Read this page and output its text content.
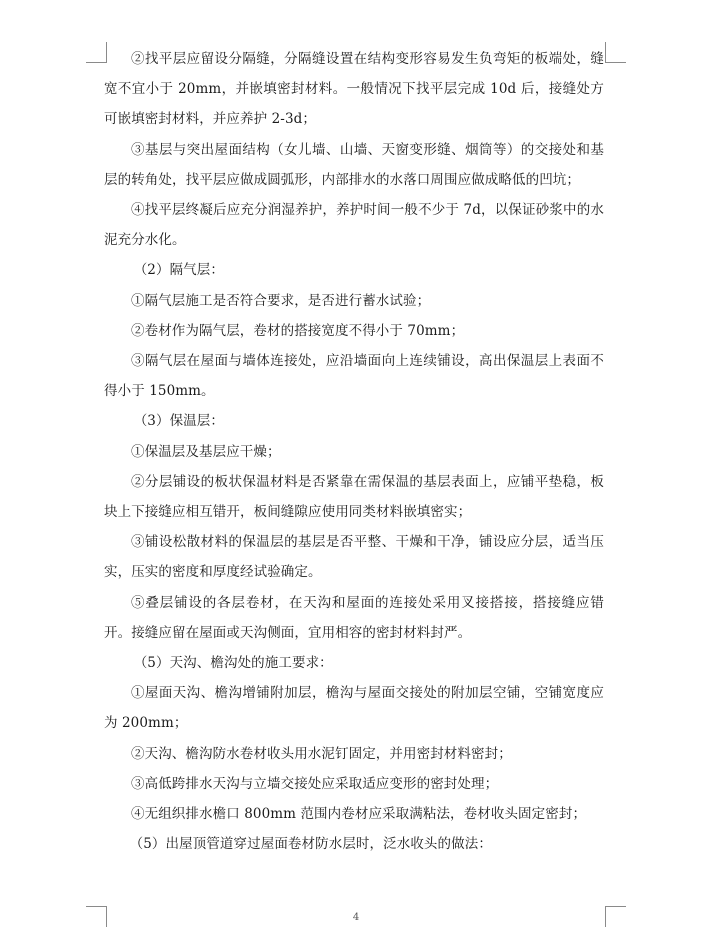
②找平层应留设分隔缝，分隔缝设置在结构变形容易发生负弯矩的板端处，缝宽不宜小于 20mm，并嵌填密封材料。一般情况下找平层完成 10d 后，接缝处方可嵌填密封材料，并应养护 2-3d；

③基层与突出屋面结构（女儿墙、山墙、天窗变形缝、烟筒等）的交接处和基层的转角处，找平层应做成圆弧形，内部排水的水落口周围应做成略低的凹坑；

④找平层终凝后应充分润湿养护，养护时间一般不少于 7d，以保证砂浆中的水泥充分水化。

（2）隔气层：

①隔气层施工是否符合要求，是否进行蓄水试验；

②卷材作为隔气层，卷材的搭接宽度不得小于 70mm；

③隔气层在屋面与墙体连接处，应沿墙面向上连续铺设，高出保温层上表面不得小于 150mm。

（3）保温层：

①保温层及基层应干燥；

②分层铺设的板状保温材料是否紧靠在需保温的基层表面上，应铺平垫稳，板块上下接缝应相互错开，板间缝隙应使用同类材料嵌填密实；

③铺设松散材料的保温层的基层是否平整、干燥和干净，铺设应分层，适当压实，压实的密度和厚度经试验确定。

⑤叠层铺设的各层卷材，在天沟和屋面的连接处采用叉接搭接，搭接缝应错开。接缝应留在屋面或天沟侧面，宜用相容的密封材料封严。

（5）天沟、檐沟处的施工要求：

①屋面天沟、檐沟增铺附加层，檐沟与屋面交接处的附加层空铺，空铺宽度应为 200mm；

②天沟、檐沟防水卷材收头用水泥钉固定，并用密封材料密封；

③高低跨排水天沟与立墙交接处应采取适应变形的密封处理；

④无组织排水檐口 800mm 范围内卷材应采取满粘法，卷材收头固定密封；

（5）出屋顶管道穿过屋面卷材防水层时，泛水收头的做法：

4
